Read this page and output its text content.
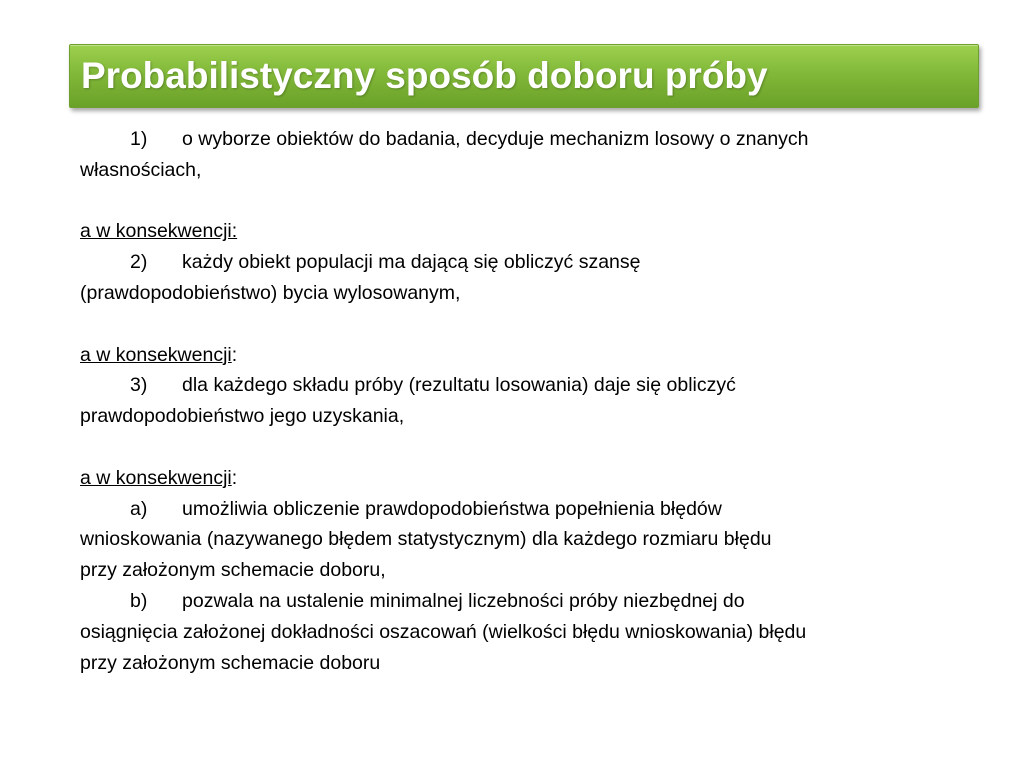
Probabilistyczny sposób doboru próby

1) o wyborze obiektów do badania, decyduje mechanizm losowy o znanych
własnościach,

a w konsekwencji:

2) każdy obiekt populacji ma dającą się obliczyć szansę
(prawdopodobieństwo) bycia wylosowanym,

a w konsekwencji:

3) dla każdego składu próby (rezultatu losowania) daje się obliczyć
prawdopodobieństwo jego uzyskania,

a w konsekwencji:

a) umożliwia obliczenie prawdopodobieństwa popełnienia błędów
wnioskowania (nazywanego błędem statystycznym) dla każdego rozmiaru błędu
przy założonym schemacie doboru,

b) pozwala na ustalenie minimalnej liczebności próby niezbędnej do
osiągnięcia założonej dokładności oszacowań (wielkości błędu wnioskowania) błędu
przy założonym schemacie doboru
